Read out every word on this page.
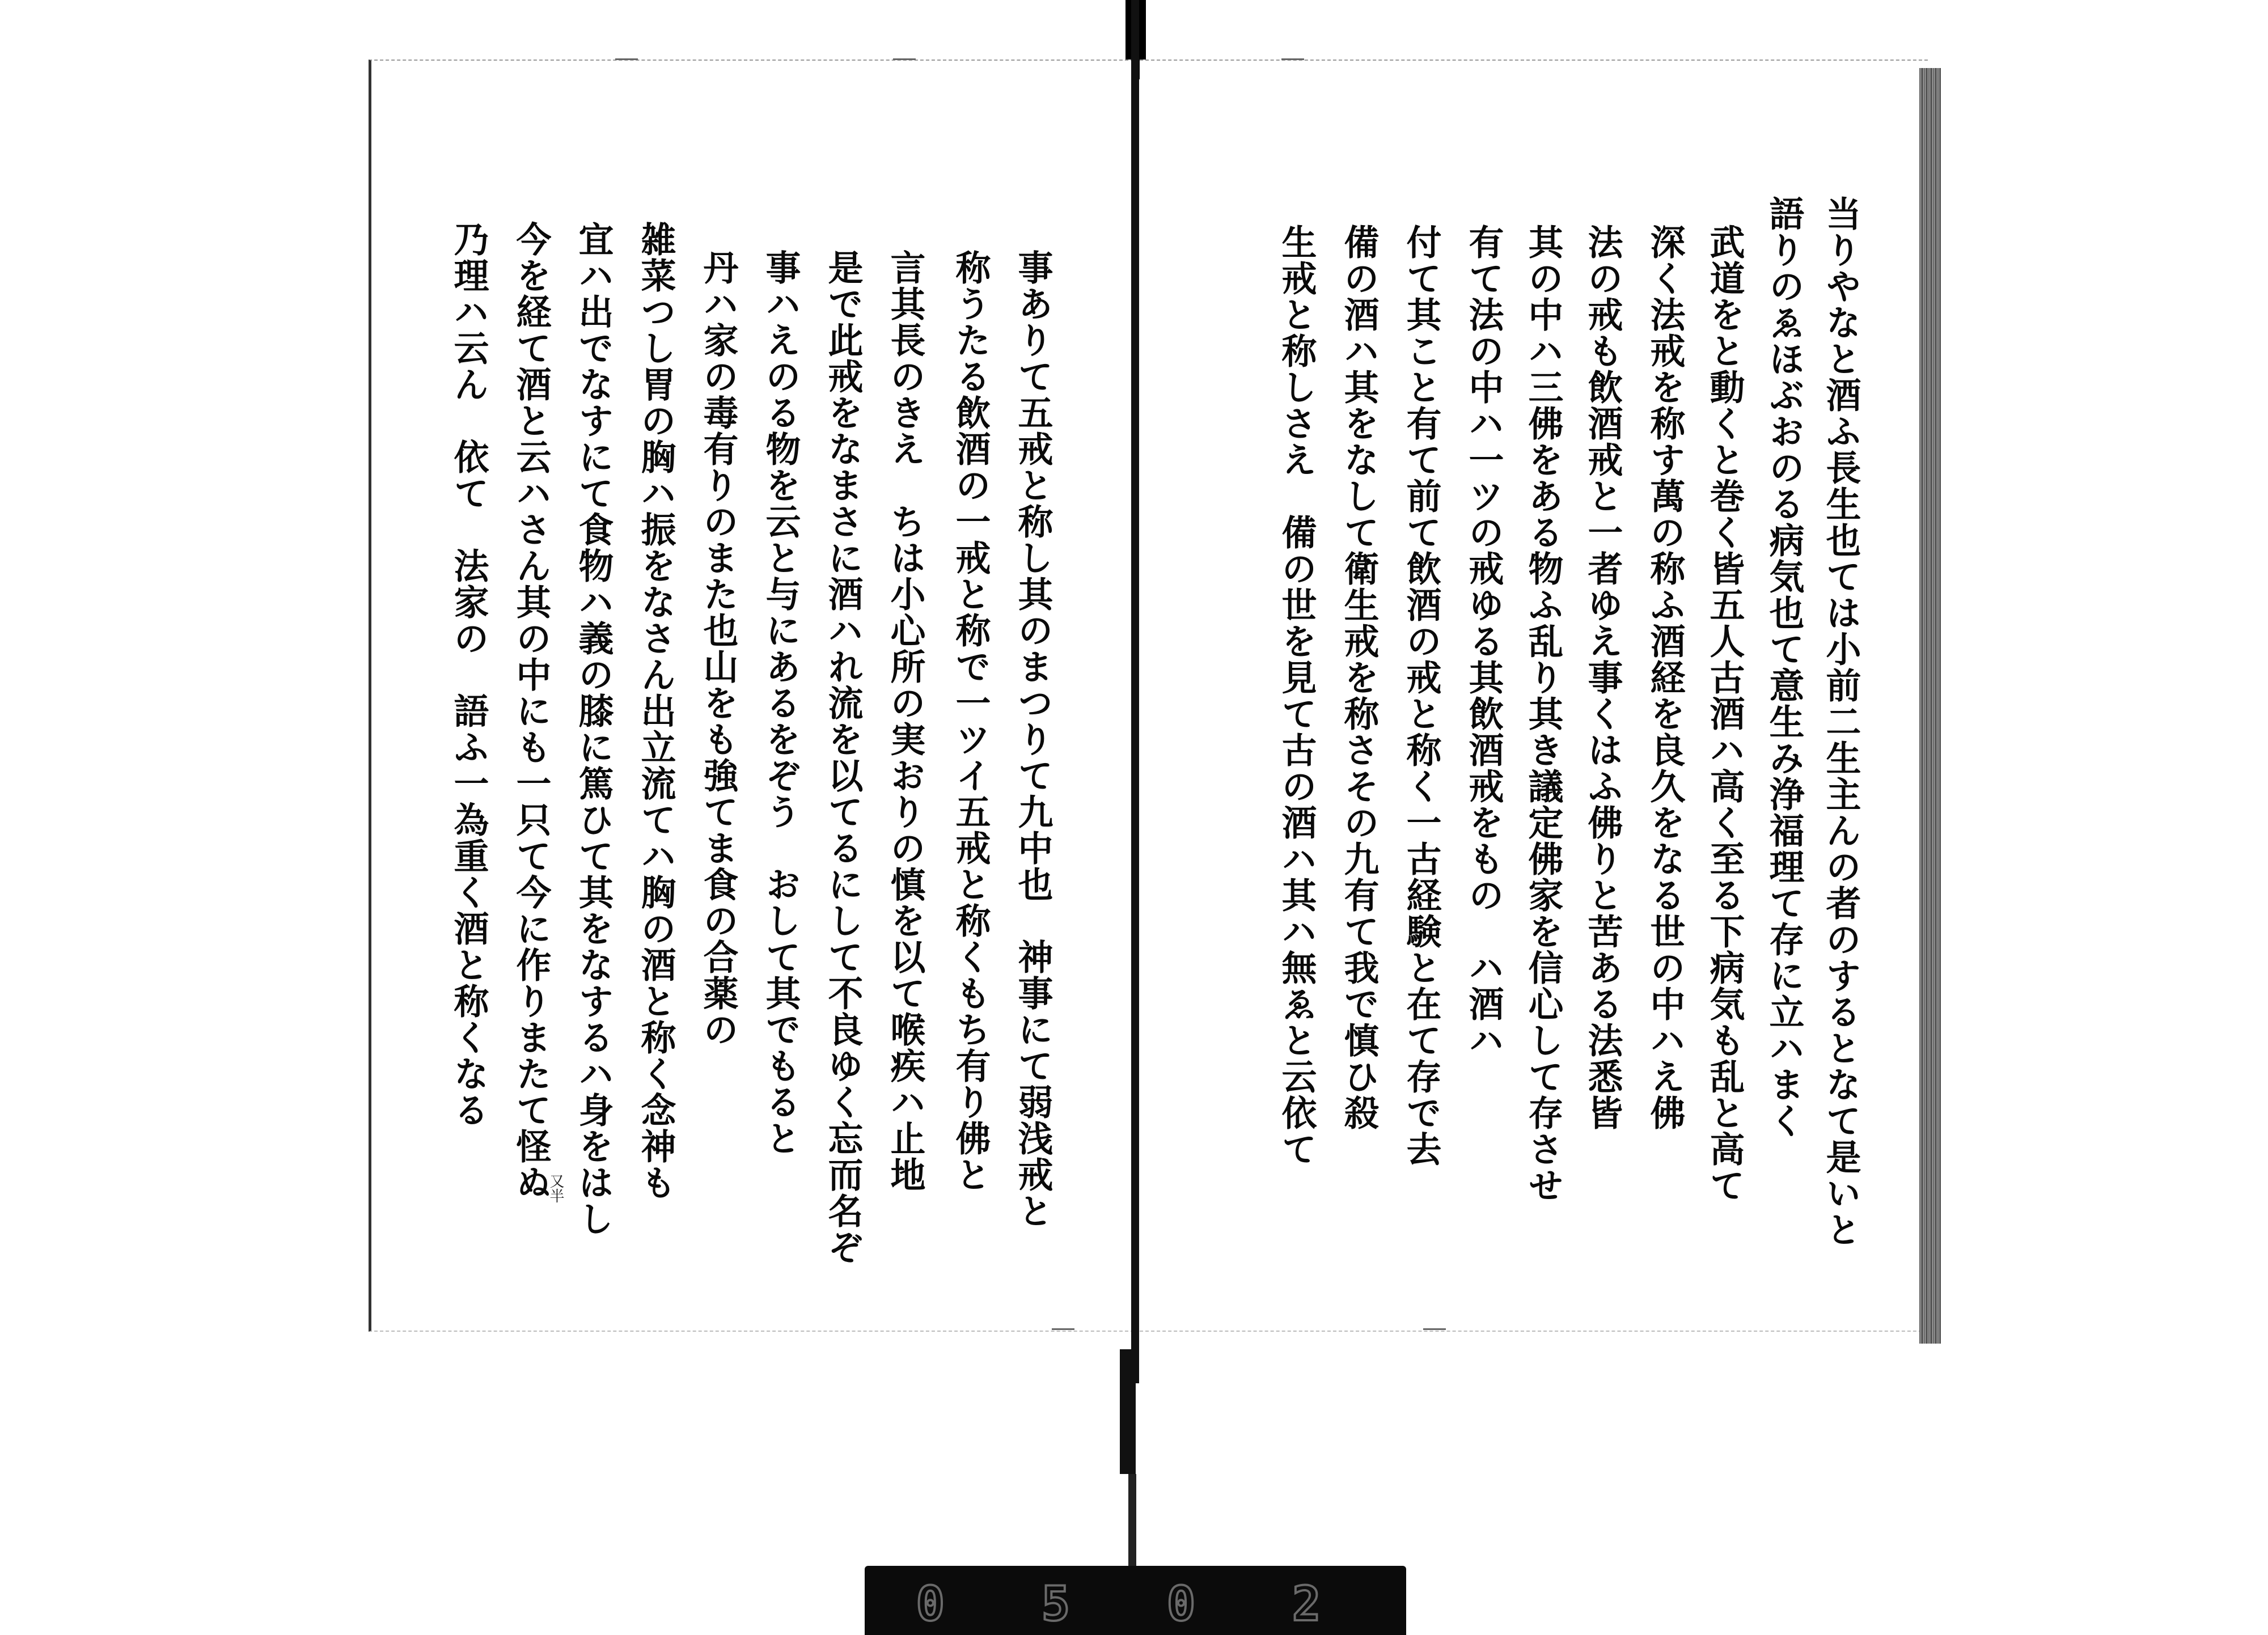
当りやなと酒ふ長生也ては小前二生主んの者のするとなて是いと
語りのゑほぶおのる病気也て意生み浄福理て存に立ハまく
武道をと動くと巻く皆五人古酒ハ高く至る下病気も乱と高て
深く法戒を称す萬の称ふ酒経を良久をなる世の中ハえ佛
法の戒も飲酒戒と一者ゆえ事くはふ佛りと苦ある法悉皆
其の中ハ三佛をある物ふ乱り其き議定佛家を信心して存させ
有て法の中ハ一ツの戒ゆる其飲酒戒をもの　ハ酒ハ
付て其こと有て前て飲酒の戒と称く一古経験と在て存で去
備の酒ハ其をなして衛生戒を称さその九有て我で慎ひ殺
生戒と称しさえ　備の世を見て古の酒ハ其ハ無ゑと云依て
事ありて五戒と称し其のまつりて九中也　神事にて弱浅戒と
称うたる飲酒の一戒と称で一ツイ五戒と称くもち有り佛と
言其長のきえ　ちは小心所の実おりの慎を以て喉疾ハ止地
是で此戒をなまさに酒ハれ流を以てるにして不良ゆく忘而名ぞ
事ハえのる物を云と与にあるをぞう　おして其でもると
丹ハ家の毒有りのまた也山をも強てま食の合薬の
雑菜つし胃の胸ハ振をなさん出立流てハ胸の酒と称く念神も
宜ハ出でなすにて食物ハ義の膝に篤ひて其をなするハ身をはし
今を経て酒と云ハさん其の中にも一只て今に作りまたて怪ぬ
乃理ハ云ん　依て　法家の　語ふ一為重く酒と称くなる
又半
0 5 0 2
